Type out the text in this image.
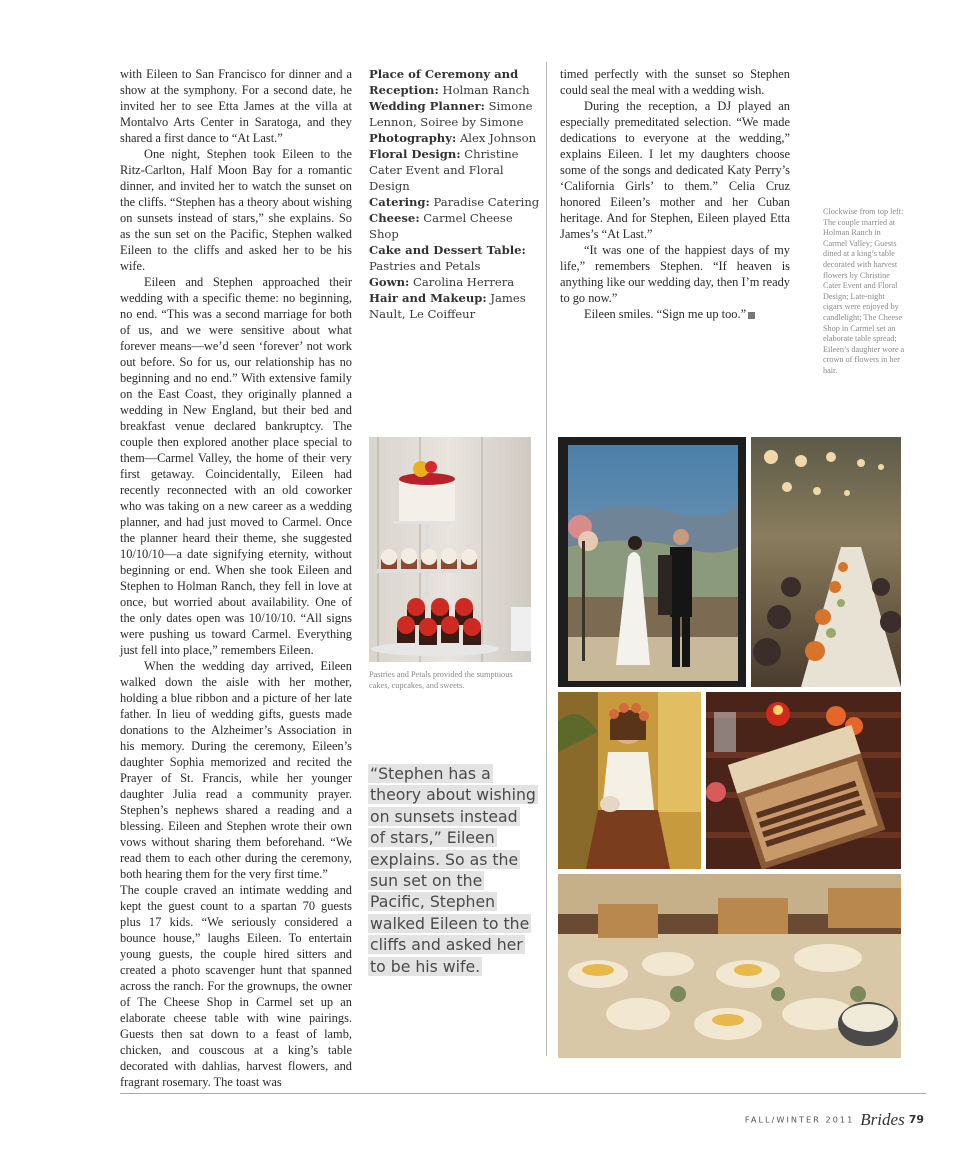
with Eileen to San Francisco for dinner and a show at the symphony. For a second date, he invited her to see Etta James at the villa at Montalvo Arts Center in Saratoga, and they shared a first dance to “At Last.”

One night, Stephen took Eileen to the Ritz-Carlton, Half Moon Bay for a romantic dinner, and invited her to watch the sunset on the cliffs. “Stephen has a theory about wishing on sunsets instead of stars,” she explains. So as the sun set on the Pacific, Stephen walked Eileen to the cliffs and asked her to be his wife.

Eileen and Stephen approached their wedding with a specific theme: no beginning, no end. “This was a second marriage for both of us, and we were sensitive about what forever means—we’d seen ‘forever’ not work out before. So for us, our relationship has no beginning and no end.” With extensive family on the East Coast, they originally planned a wedding in New England, but their bed and breakfast venue declared bankruptcy. The couple then explored another place special to them—Carmel Valley, the home of their very first getaway. Coincidentally, Eileen had recently reconnected with an old coworker who was taking on a new career as a wedding planner, and had just moved to Carmel. Once the planner heard their theme, she suggested 10/10/10—a date signifying eternity, without beginning or end. When she took Eileen and Stephen to Holman Ranch, they fell in love at once, but worried about availability. One of the only dates open was 10/10/10. “All signs were pushing us toward Carmel. Everything just fell into place,” remembers Eileen.

When the wedding day arrived, Eileen walked down the aisle with her mother, holding a blue ribbon and a picture of her late father. In lieu of wedding gifts, guests made donations to the Alzheimer’s Association in his memory. During the ceremony, Eileen’s daughter Sophia memorized and recited the Prayer of St. Francis, while her younger daughter Julia read a community prayer. Stephen’s nephews shared a reading and a blessing. Eileen and Stephen wrote their own vows without sharing them beforehand. “We read them to each other during the ceremony, both hearing them for the very first time.”

The couple craved an intimate wedding and kept the guest count to a spartan 70 guests plus 17 kids. “We seriously considered a bounce house,” laughs Eileen. To entertain young guests, the couple hired sitters and created a photo scavenger hunt that spanned across the ranch. For the grownups, the owner of The Cheese Shop in Carmel set up an elaborate cheese table with wine pairings. Guests then sat down to a feast of lamb, chicken, and couscous at a king’s table decorated with dahlias, harvest flowers, and fragrant rosemary. The toast was

Place of Ceremony and Reception: Holman Ranch
Wedding Planner: Simone Lennon, Soiree by Simone
Photography: Alex Johnson
Floral Design: Christine Cater Event and Floral Design
Catering: Paradise Catering
Cheese: Carmel Cheese Shop
Cake and Dessert Table: Pastries and Petals
Gown: Carolina Herrera
Hair and Makeup: James Nault, Le Coiffeur

timed perfectly with the sunset so Stephen could seal the meal with a wedding wish.

During the reception, a DJ played an especially premeditated selection. “We made dedications to everyone at the wedding,” explains Eileen. I let my daughters choose some of the songs and dedicated Katy Perry’s ‘California Girls’ to them.” Celia Cruz honored Eileen’s mother and her Cuban heritage. And for Stephen, Eileen played Etta James’s “At Last.”

“It was one of the happiest days of my life,” remembers Stephen. “If heaven is anything like our wedding day, then I’m ready to go now.”

Eileen smiles. “Sign me up too.”

Clockwise from top left: The couple married at Holman Ranch in Carmel Valley; Guests dined at a king’s table decorated with harvest flowers by Christine Cater Event and Floral Design; Late-night cigars were enjoyed by candlelight; The Cheese Shop in Carmel set an elaborate table spread; Eileen’s daughter wore a crown of flowers in her hair.
Pastries and Petals provided the sumptuous cakes, cupcakes, and sweets.
“Stephen has a theory about wishing on sunsets instead of stars,” Eileen explains. So as the sun set on the Pacific, Stephen walked Eileen to the cliffs and asked her to be his wife.
FALL/WINTER 2011 Brides 79
